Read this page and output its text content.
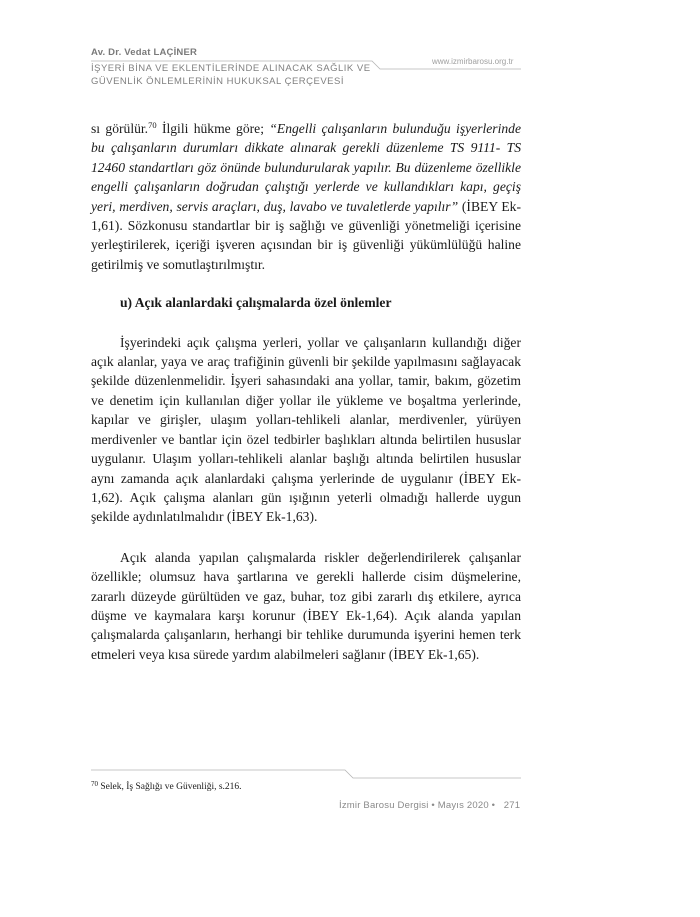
Av. Dr. Vedat LAÇİNER
İŞYERİ BİNA VE EKLENTİLERİNDE ALINACAK SAĞLIK VE
GÜVENLİK ÖNLEMLERİNİN HUKUKSAL ÇERÇEVESİ
www.izmirbarosu.org.tr

sı görülür.$^{70}$ İlgili hükme göre; “Engelli çalışanların bulunduğu işyerlerinde bu çalışanların durumları dikkate alınarak gerekli düzenleme TS 9111- TS 12460 standartları göz önünde bulundurularak yapılır. Bu düzenleme özellikle engelli çalışanların doğrudan çalıştığı yerlerde ve kullandıkları kapı, geçiş yeri, merdiven, servis araçları, duş, lavabo ve tuvaletlerde yapılır” (İBEY Ek-1,61). Sözkonusu standartlar bir iş sağlığı ve güvenliği yönetmeliği içerisine yerleştirilerek, içeriği işveren açısından bir iş güvenliği yükümlülüğü haline getirilmiş ve somutlaştırılmıştır.

u) Açık alanlardaki çalışmalarda özel önlemler

İşyerindeki açık çalışma yerleri, yollar ve çalışanların kullandığı diğer açık alanlar, yaya ve araç trafiğinin güvenli bir şekilde yapılmasını sağlayacak şekilde düzenlenmelidir. İşyeri sahasındaki ana yollar, tamir, bakım, gözetim ve denetim için kullanılan diğer yollar ile yükleme ve boşaltma yerlerinde, kapılar ve girişler, ulaşım yolları-tehlikeli alanlar, merdivenler, yürüyen merdivenler ve bantlar için özel tedbirler başlıkları altında belirtilen hususlar uygulanır. Ulaşım yolları-tehlikeli alanlar başlığı altında belirtilen hususlar aynı zamanda açık alanlardaki çalışma yerlerinde de uygulanır (İBEY Ek-1,62). Açık çalışma alanları gün ışığının yeterli olmadığı hallerde uygun şekilde aydınlatılmalıdır (İBEY Ek-1,63).

Açık alanda yapılan çalışmalarda riskler değerlendirilerek çalışanlar özellikle; olumsuz hava şartlarına ve gerekli hallerde cisim düşmelerine, zararlı düzeyde gürültüden ve gaz, buhar, toz gibi zararlı dış etkilere, ayrıca düşme ve kaymalara karşı korunur (İBEY Ek-1,64). Açık alanda yapılan çalışmalarda çalışanların, herhangi bir tehlike durumunda işyerini hemen terk etmeleri veya kısa sürede yardım alabilmeleri sağlanır (İBEY Ek-1,65).

$^{70}$ Selek, İş Sağlığı ve Güvenliği, s.216.
İzmir Barosu Dergisi • Mayıs 2020 • 271
